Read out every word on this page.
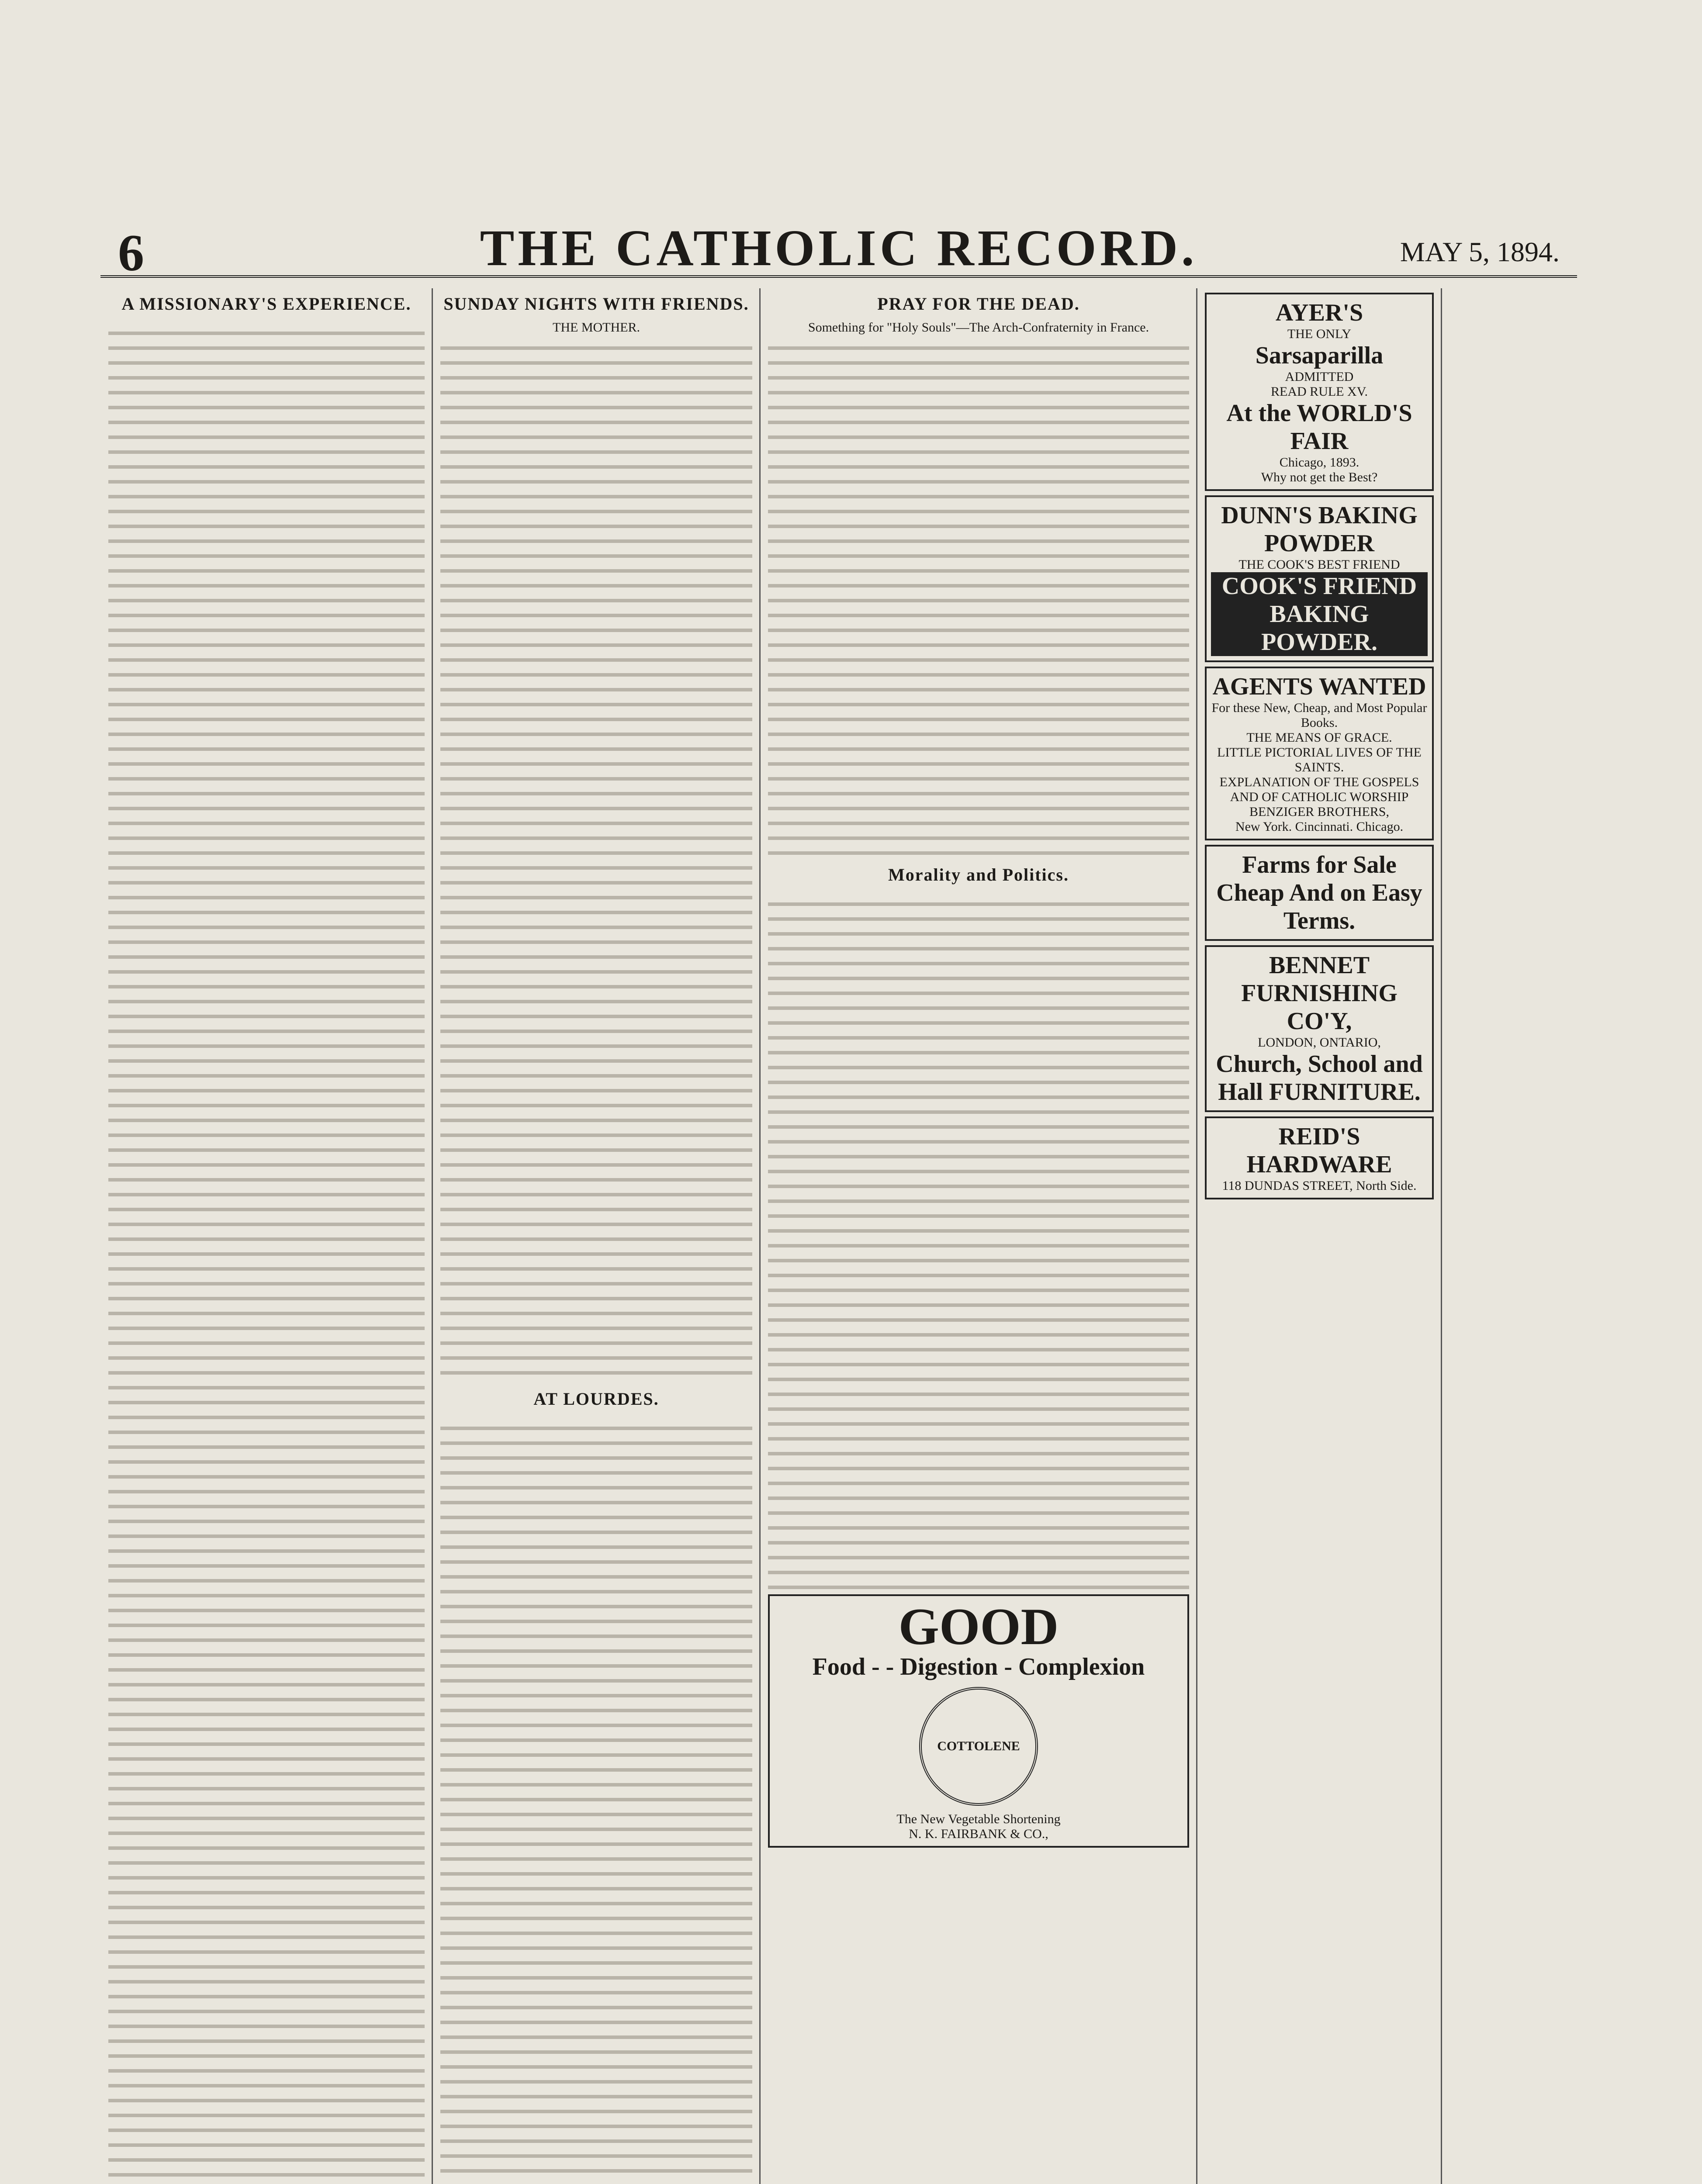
6	THE CATHOLIC RECORD.	MAY 5, 1894.
A MISSIONARY'S EXPERIENCE.	SUNDAY NIGHTS WITH FRIENDS.
THE MOTHER.
AT LOURDES.
PRAY FOR THE DEAD.
Something for "Holy Souls"—The Arch-Confraternity in France.
Morality and Politics.
GOOD
Food - - Digestion - Complexion
COTTOLENE
The New Vegetable Shortening
N. K. FAIRBANK & CO.,
AYER'S
THE ONLY
Sarsaparilla
ADMITTED
READ RULE XV.
At the WORLD'S FAIR
Chicago, 1893.
Why not get the Best?
DUNN'S BAKING POWDER
THE COOK'S BEST FRIEND
COOK'S FRIEND BAKING POWDER.
AGENTS WANTED
For these New, Cheap, and Most Popular Books.
THE MEANS OF GRACE.
LITTLE PICTORIAL LIVES OF THE SAINTS.
EXPLANATION OF THE GOSPELS AND OF CATHOLIC WORSHIP
BENZIGER BROTHERS,
New York. Cincinnati. Chicago.
Farms for Sale Cheap And on Easy Terms.
BENNET FURNISHING CO'Y,
LONDON, ONTARIO,
Church, School and Hall FURNITURE.
REID'S HARDWARE
118 DUNDAS STREET, North Side.
